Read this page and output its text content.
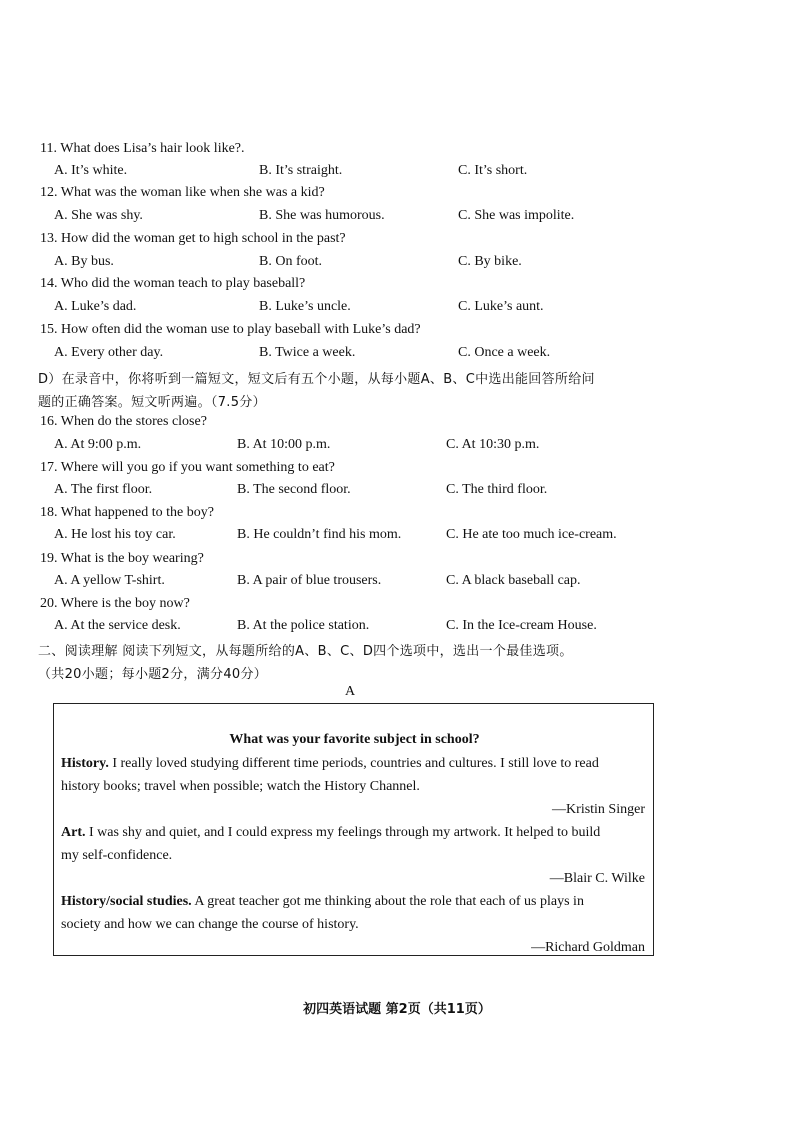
11. What does Lisa’s hair look like?.
A. It’s white.	B. It’s straight.	C. It’s short.
12. What was the woman like when she was a kid?
A. She was shy.	B. She was humorous.	C. She was impolite.
13. How did the woman get to high school in the past?
A. By bus.	B. On foot.	C. By bike.
14. Who did the woman teach to play baseball?
A. Luke’s dad.	B. Luke’s uncle.	C. Luke’s aunt.
15. How often did the woman use to play baseball with Luke’s dad?
A. Every other day.	B. Twice a week.	C. Once a week.
D）在录音中，你将听到一篇短文，短文后有五个小题，从每小题A、B、C中选出能回答所给问
题的正确答案。短文听两遍。（7.5分）
16. When do the stores close?
A. At 9:00 p.m.	B. At 10:00 p.m.	C. At 10:30 p.m.
17. Where will you go if you want something to eat?
A. The first floor.	B. The second floor.	C. The third floor.
18. What happened to the boy?
A. He lost his toy car.	B. He couldn’t find his mom.	C. He ate too much ice-cream.
19. What is the boy wearing?
A. A yellow T-shirt.	B. A pair of blue trousers.	C. A black baseball cap.
20. Where is the boy now?
A. At the service desk.	B. At the police station.	C. In the Ice-cream House.
二、阅读理解 阅读下列短文，从每题所给的A、B、C、D四个选项中，选出一个最佳选项。
（共20小题；每小题2分，满分40分）
A
What was your favorite subject in school?
History. I really loved studying different time periods, countries and cultures. I still love to read
history books; travel when possible; watch the History Channel.
—Kristin Singer
Art. I was shy and quiet, and I could express my feelings through my artwork. It helped to build
my self-confidence.
—Blair C. Wilke
History/social studies. A great teacher got me thinking about the role that each of us plays in
society and how we can change the course of history.
—Richard Goldman
初四英语试题 第2页（共11页）
